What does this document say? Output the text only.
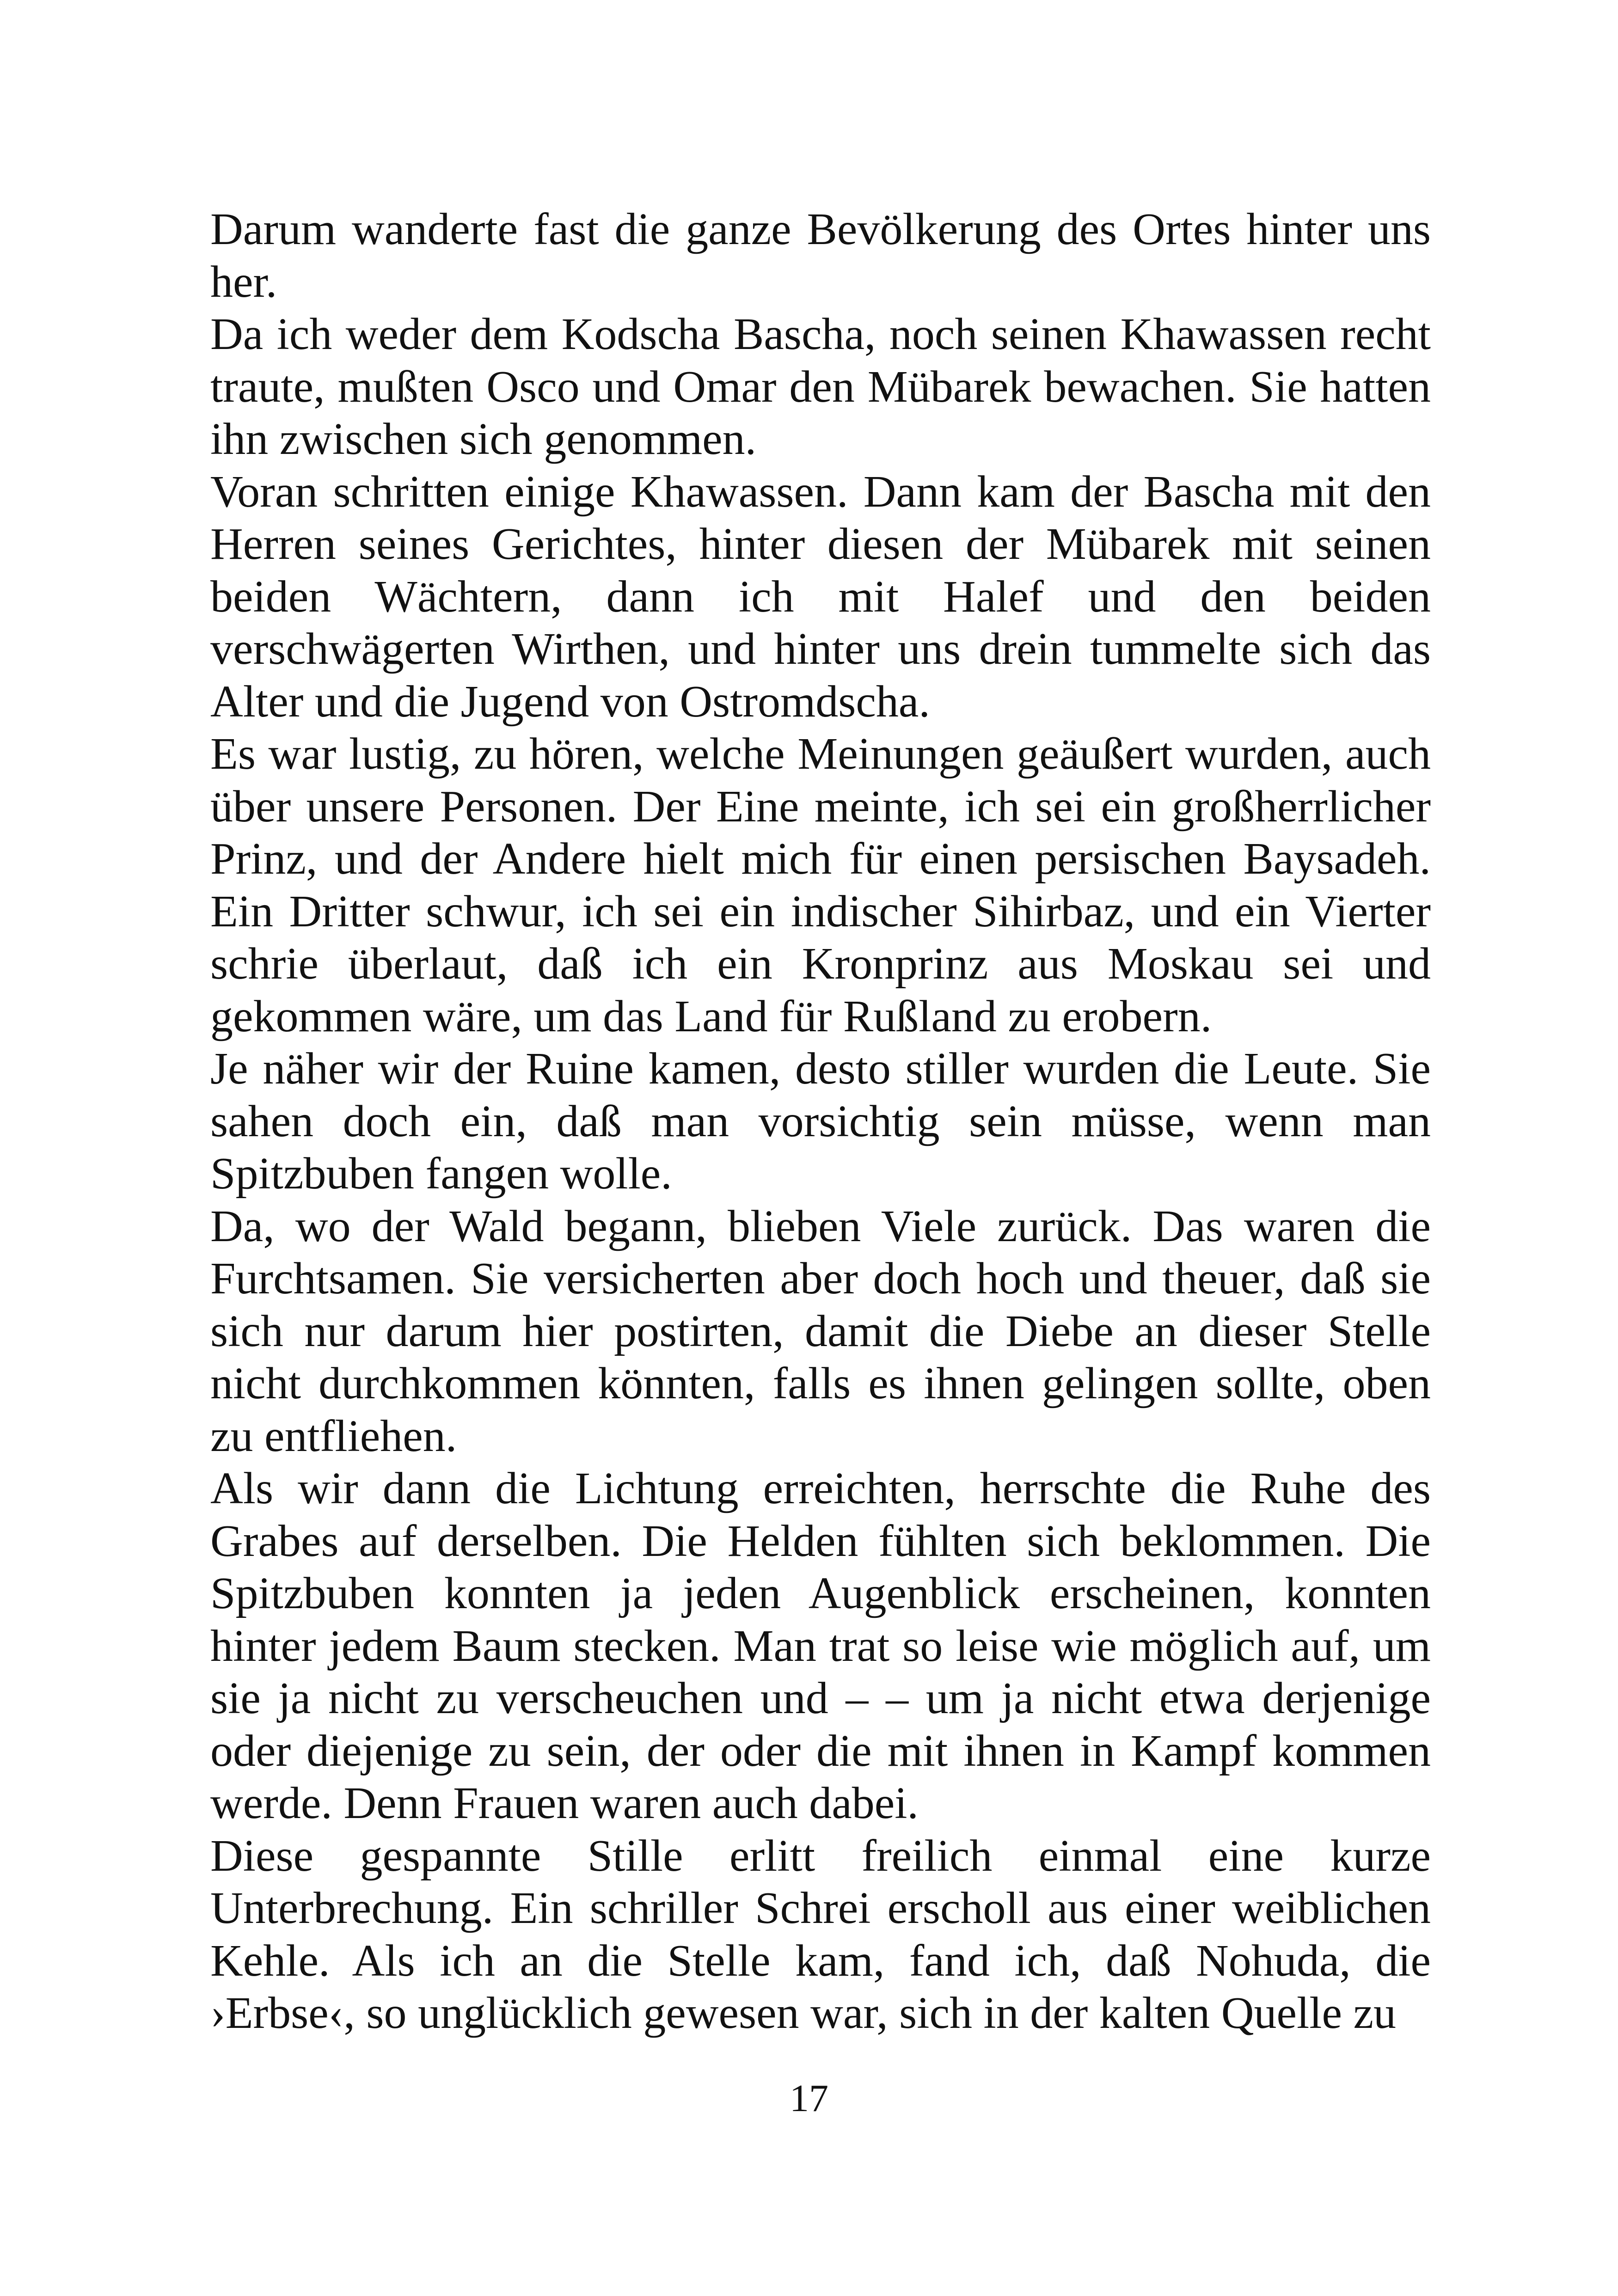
Darum wanderte fast die ganze Bevölkerung des Ortes hinter uns her.

Da ich weder dem Kodscha Bascha, noch seinen Khawassen recht traute, mußten Osco und Omar den Mübarek bewachen. Sie hatten ihn zwischen sich genommen.

Voran schritten einige Khawassen. Dann kam der Bascha mit den Herren seines Gerichtes, hinter diesen der Mübarek mit seinen beiden Wächtern, dann ich mit Halef und den beiden verschwägerten Wirthen, und hinter uns drein tummelte sich das Alter und die Jugend von Ostromdscha.

Es war lustig, zu hören, welche Meinungen geäußert wurden, auch über unsere Personen. Der Eine meinte, ich sei ein großherrlicher Prinz, und der Andere hielt mich für einen persischen Baysadeh. Ein Dritter schwur, ich sei ein indischer Sihirbaz, und ein Vierter schrie überlaut, daß ich ein Kronprinz aus Moskau sei und gekommen wäre, um das Land für Rußland zu erobern.

Je näher wir der Ruine kamen, desto stiller wurden die Leute. Sie sahen doch ein, daß man vorsichtig sein müsse, wenn man Spitzbuben fangen wolle.

Da, wo der Wald begann, blieben Viele zurück. Das waren die Furchtsamen. Sie versicherten aber doch hoch und theuer, daß sie sich nur darum hier postirten, damit die Diebe an dieser Stelle nicht durchkommen könnten, falls es ihnen gelingen sollte, oben zu entfliehen.

Als wir dann die Lichtung erreichten, herrschte die Ruhe des Grabes auf derselben. Die Helden fühlten sich beklommen. Die Spitzbuben konnten ja jeden Augenblick erscheinen, konnten hinter jedem Baum stecken. Man trat so leise wie möglich auf, um sie ja nicht zu verscheuchen und – – um ja nicht etwa derjenige oder diejenige zu sein, der oder die mit ihnen in Kampf kommen werde. Denn Frauen waren auch dabei.

Diese gespannte Stille erlitt freilich einmal eine kurze Unterbrechung. Ein schriller Schrei erscholl aus einer weiblichen Kehle. Als ich an die Stelle kam, fand ich, daß Nohuda, die ›Erbse‹, so unglücklich gewesen war, sich in der kalten Quelle zu

17
